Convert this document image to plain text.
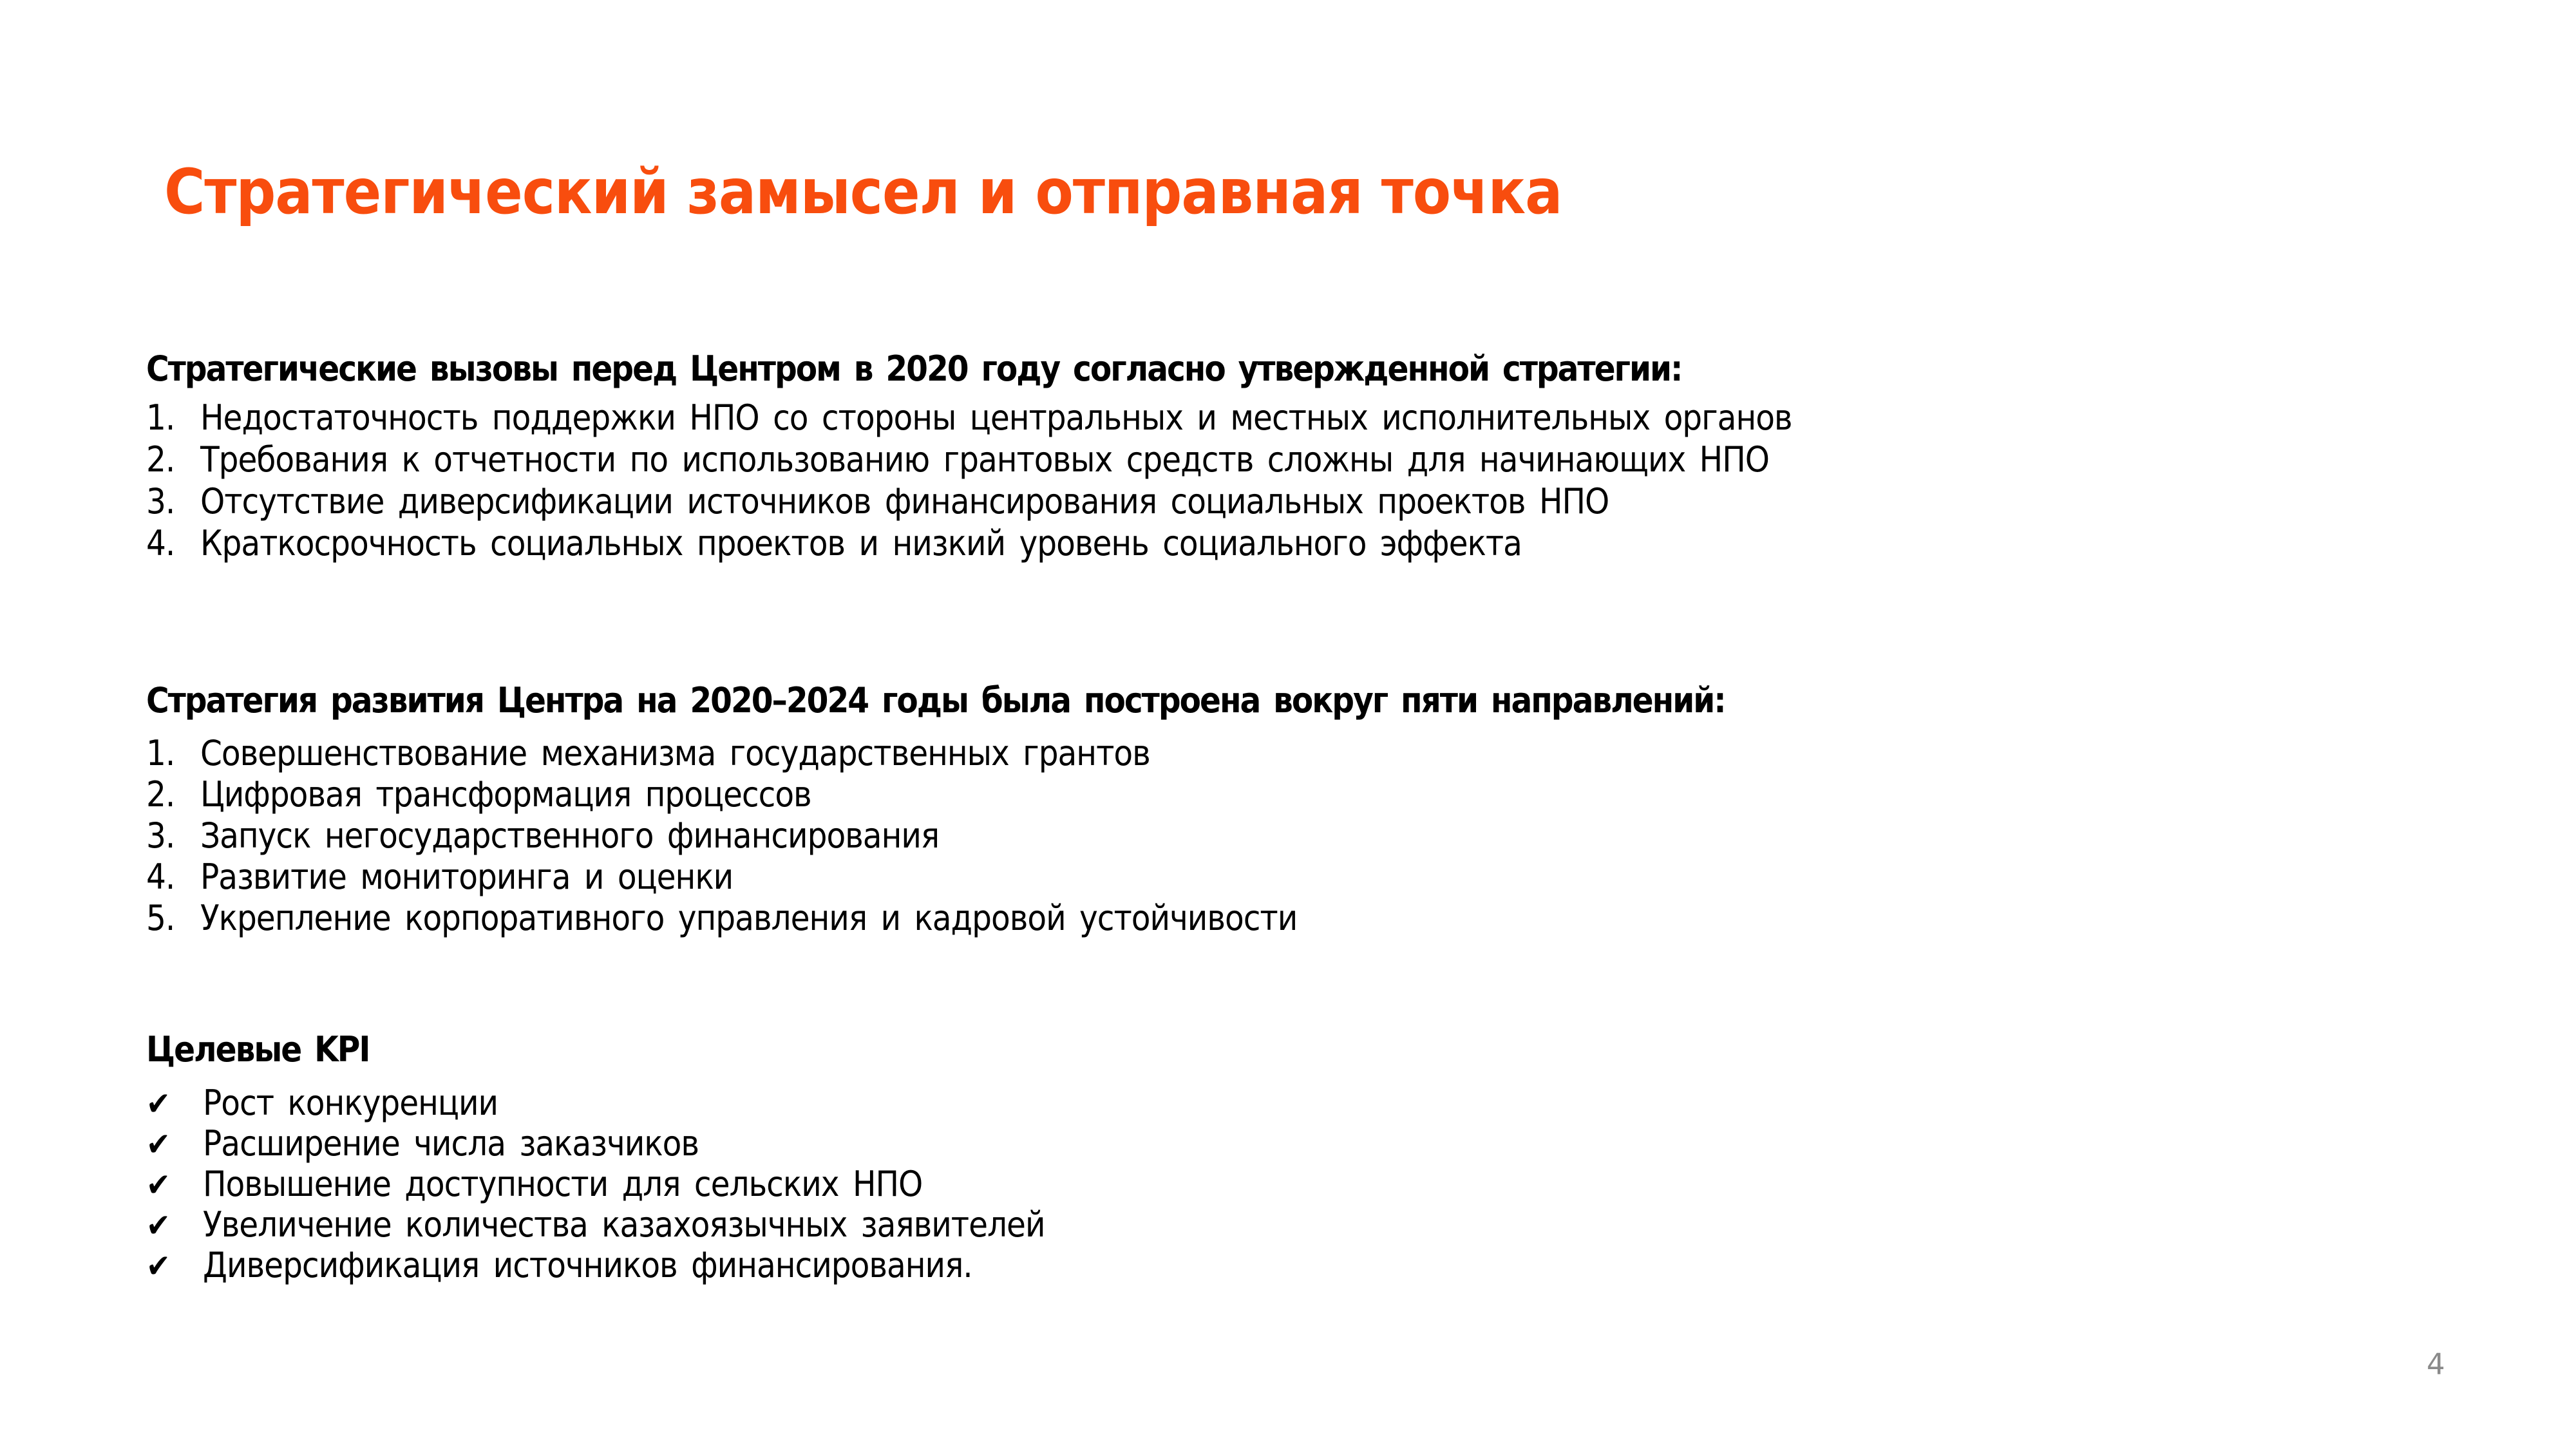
Стратегический замысел и отправная точка
Стратегические вызовы перед Центром в 2020 году согласно утвержденной стратегии:
1. Недостаточность поддержки НПО со стороны центральных и местных исполнительных органов
2. Требования к отчетности по использованию грантовых средств сложны для начинающих НПО
3. Отсутствие диверсификации источников финансирования социальных проектов НПО
4. Краткосрочность социальных проектов и низкий уровень социального эффекта
Стратегия развития Центра на 2020–2024 годы была построена вокруг пяти направлений:
1. Совершенствование механизма государственных грантов
2. Цифровая трансформация процессов
3. Запуск негосударственного финансирования
4. Развитие мониторинга и оценки
5. Укрепление корпоративного управления и кадровой устойчивости
Целевые KPI
✔ Рост конкуренции
✔ Расширение числа заказчиков
✔ Повышение доступности для сельских НПО
✔ Увеличение количества казахоязычных заявителей
✔ Диверсификация источников финансирования.
4
